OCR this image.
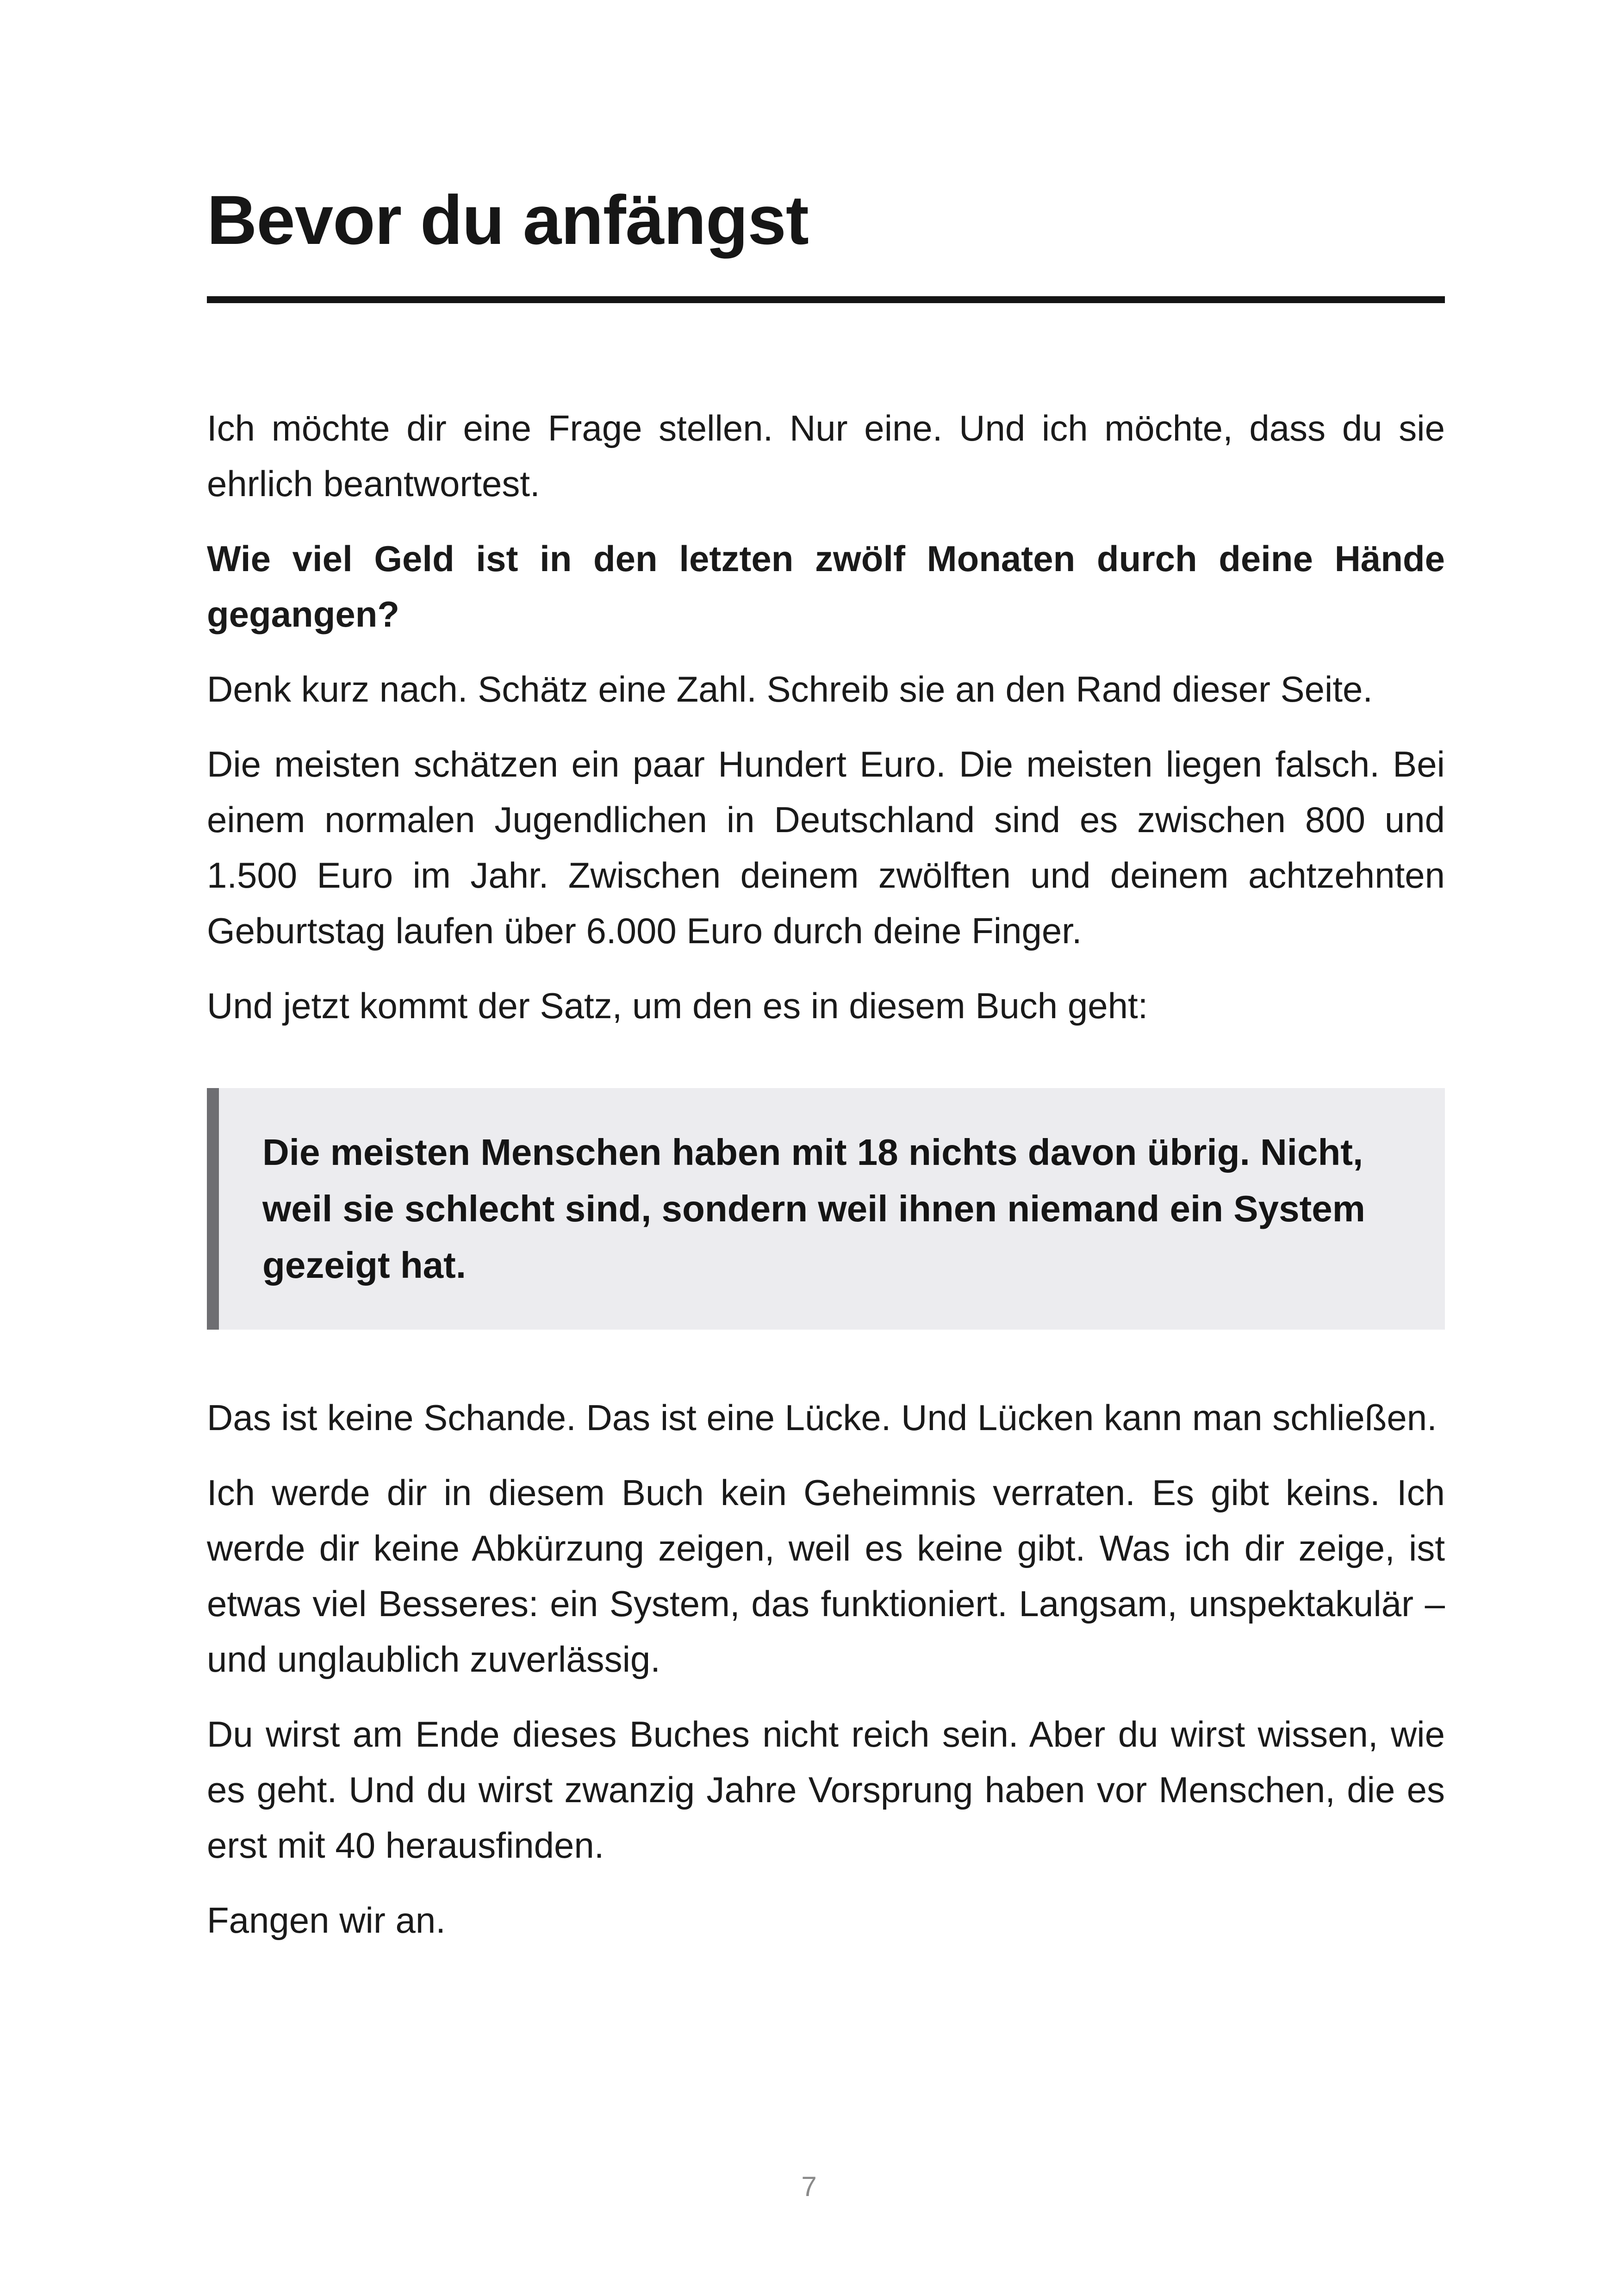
Bevor du anfängst

Ich möchte dir eine Frage stellen. Nur eine. Und ich möchte, dass du sie ehrlich beantwortest.

Wie viel Geld ist in den letzten zwölf Monaten durch deine Hände gegangen?

Denk kurz nach. Schätz eine Zahl. Schreib sie an den Rand dieser Seite.

Die meisten schätzen ein paar Hundert Euro. Die meisten liegen falsch. Bei einem normalen Jugendlichen in Deutschland sind es zwischen 800 und 1.500 Euro im Jahr. Zwischen deinem zwölften und deinem achtzehnten Geburtstag laufen über 6.000 Euro durch deine Finger.

Und jetzt kommt der Satz, um den es in diesem Buch geht:

Die meisten Menschen haben mit 18 nichts davon übrig. Nicht, weil sie schlecht sind, sondern weil ihnen niemand ein System gezeigt hat.

Das ist keine Schande. Das ist eine Lücke. Und Lücken kann man schließen.

Ich werde dir in diesem Buch kein Geheimnis verraten. Es gibt keins. Ich werde dir keine Abkürzung zeigen, weil es keine gibt. Was ich dir zeige, ist etwas viel Besseres: ein System, das funktioniert. Langsam, unspektakulär – und unglaublich zuverlässig.

Du wirst am Ende dieses Buches nicht reich sein. Aber du wirst wissen, wie es geht. Und du wirst zwanzig Jahre Vorsprung haben vor Menschen, die es erst mit 40 herausfinden.

Fangen wir an.

7
